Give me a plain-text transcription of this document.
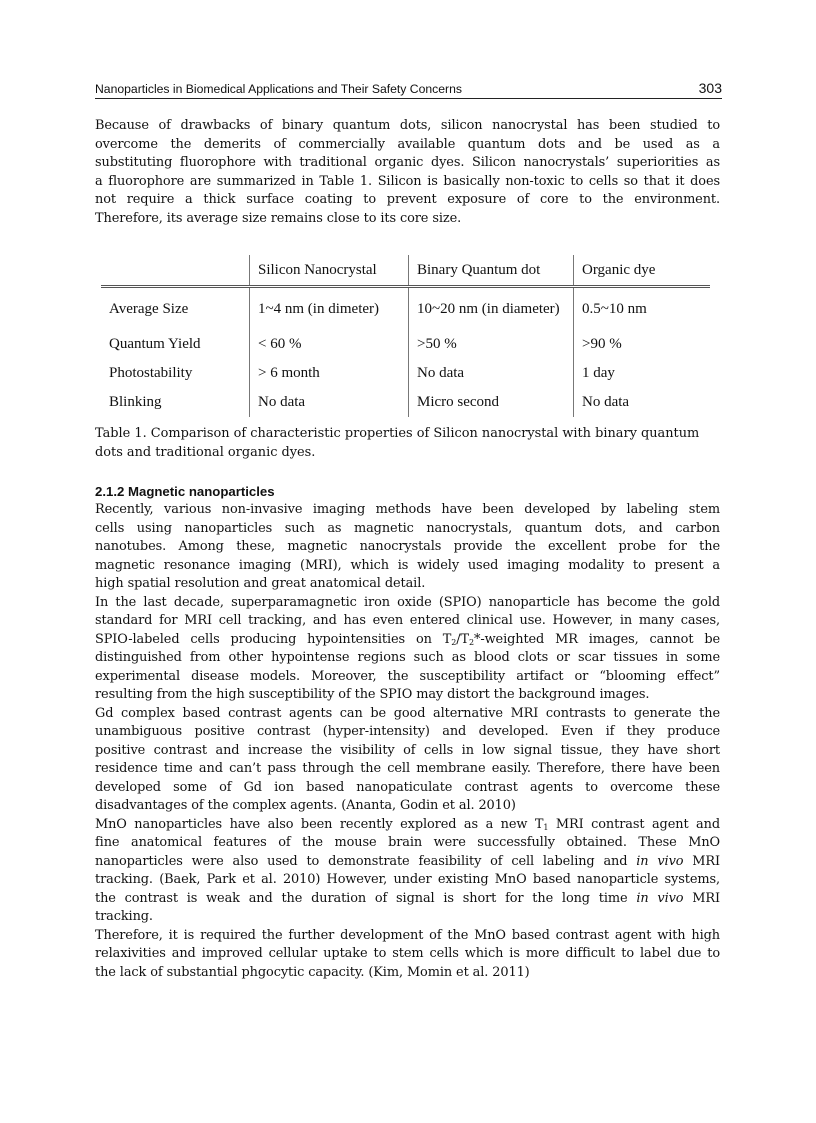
Nanoparticles in Biomedical Applications and Their Safety Concerns	303
Because of drawbacks of binary quantum dots, silicon nanocrystal has been studied to
overcome the demerits of commercially available quantum dots and be used as a
substituting fluorophore with traditional organic dyes. Silicon nanocrystals’ superiorities as
a fluorophore are summarized in Table 1. Silicon is basically non-toxic to cells so that it does
not require a thick surface coating to prevent exposure of core to the environment.
Therefore, its average size remains close to its core size.
	Silicon Nanocrystal	Binary Quantum dot	Organic dye
Average Size	1~4 nm (in dimeter)	10~20 nm (in diameter)	0.5~10 nm
Quantum Yield	< 60 %	>50 %	>90 %
Photostability	> 6 month	No data	1 day
Blinking	No data	Micro second	No data
Table 1. Comparison of characteristic properties of Silicon nanocrystal with binary quantum
dots and traditional organic dyes.
2.1.2 Magnetic nanoparticles
Recently, various non-invasive imaging methods have been developed by labeling stem
cells using nanoparticles such as magnetic nanocrystals, quantum dots, and carbon
nanotubes. Among these, magnetic nanocrystals provide the excellent probe for the
magnetic resonance imaging (MRI), which is widely used imaging modality to present a
high spatial resolution and great anatomical detail.
In the last decade, superparamagnetic iron oxide (SPIO) nanoparticle has become the gold
standard for MRI cell tracking, and has even entered clinical use. However, in many cases,
SPIO-labeled cells producing hypointensities on $T_2/T_2*$-weighted MR images, cannot be
distinguished from other hypointense regions such as blood clots or scar tissues in some
experimental disease models. Moreover, the susceptibility artifact or “blooming effect”
resulting from the high susceptibility of the SPIO may distort the background images.
Gd complex based contrast agents can be good alternative MRI contrasts to generate the
unambiguous positive contrast (hyper-intensity) and developed. Even if they produce
positive contrast and increase the visibility of cells in low signal tissue, they have short
residence time and can’t pass through the cell membrane easily. Therefore, there have been
developed some of Gd ion based nanopaticulate contrast agents to overcome these
disadvantages of the complex agents. (Ananta, Godin et al. 2010)
MnO nanoparticles have also been recently explored as a new $T_1$ MRI contrast agent and
fine anatomical features of the mouse brain were successfully obtained. These MnO
nanoparticles were also used to demonstrate feasibility of cell labeling and in vivo MRI
tracking. (Baek, Park et al. 2010) However, under existing MnO based nanoparticle systems,
the contrast is weak and the duration of signal is short for the long time in vivo MRI
tracking.
Therefore, it is required the further development of the MnO based contrast agent with high
relaxivities and improved cellular uptake to stem cells which is more difficult to label due to
the lack of substantial phgocytic capacity. (Kim, Momin et al. 2011)
